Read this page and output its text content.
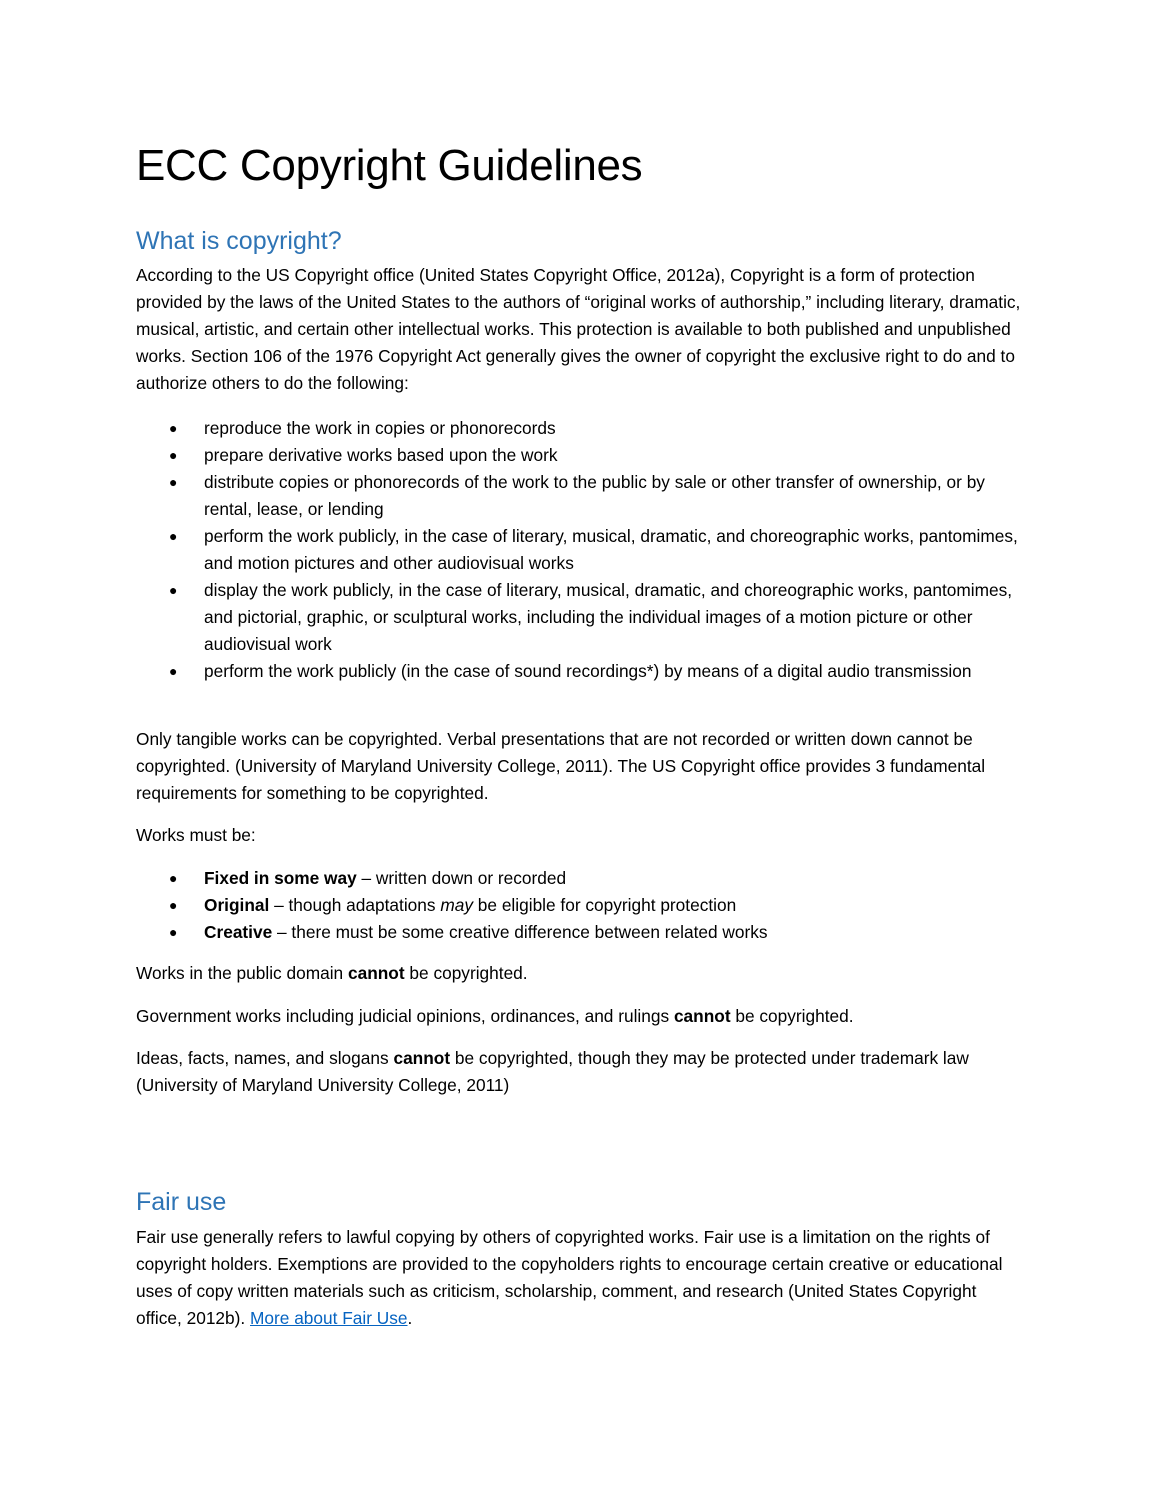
ECC Copyright Guidelines
What is copyright?

According to the US Copyright office (United States Copyright Office, 2012a), Copyright is a form of protection provided by the laws of the United States to the authors of “original works of authorship,” including literary, dramatic, musical, artistic, and certain other intellectual works. This protection is available to both published and unpublished works. Section 106 of the 1976 Copyright Act generally gives the owner of copyright the exclusive right to do and to authorize others to do the following:

● reproduce the work in copies or phonorecords
● prepare derivative works based upon the work
● distribute copies or phonorecords of the work to the public by sale or other transfer of ownership, or by rental, lease, or lending
● perform the work publicly, in the case of literary, musical, dramatic, and choreographic works, pantomimes, and motion pictures and other audiovisual works
● display the work publicly, in the case of literary, musical, dramatic, and choreographic works, pantomimes, and pictorial, graphic, or sculptural works, including the individual images of a motion picture or other audiovisual work
● perform the work publicly (in the case of sound recordings*) by means of a digital audio transmission

Only tangible works can be copyrighted. Verbal presentations that are not recorded or written down cannot be copyrighted. (University of Maryland University College, 2011). The US Copyright office provides 3 fundamental requirements for something to be copyrighted.

Works must be:

● Fixed in some way – written down or recorded
● Original – though adaptations may be eligible for copyright protection
● Creative – there must be some creative difference between related works

Works in the public domain cannot be copyrighted.

Government works including judicial opinions, ordinances, and rulings cannot be copyrighted.

Ideas, facts, names, and slogans cannot be copyrighted, though they may be protected under trademark law (University of Maryland University College, 2011)

Fair use

Fair use generally refers to lawful copying by others of copyrighted works. Fair use is a limitation on the rights of copyright holders. Exemptions are provided to the copyholders rights to encourage certain creative or educational uses of copy written materials such as criticism, scholarship, comment, and research (United States Copyright office, 2012b). More about Fair Use.
